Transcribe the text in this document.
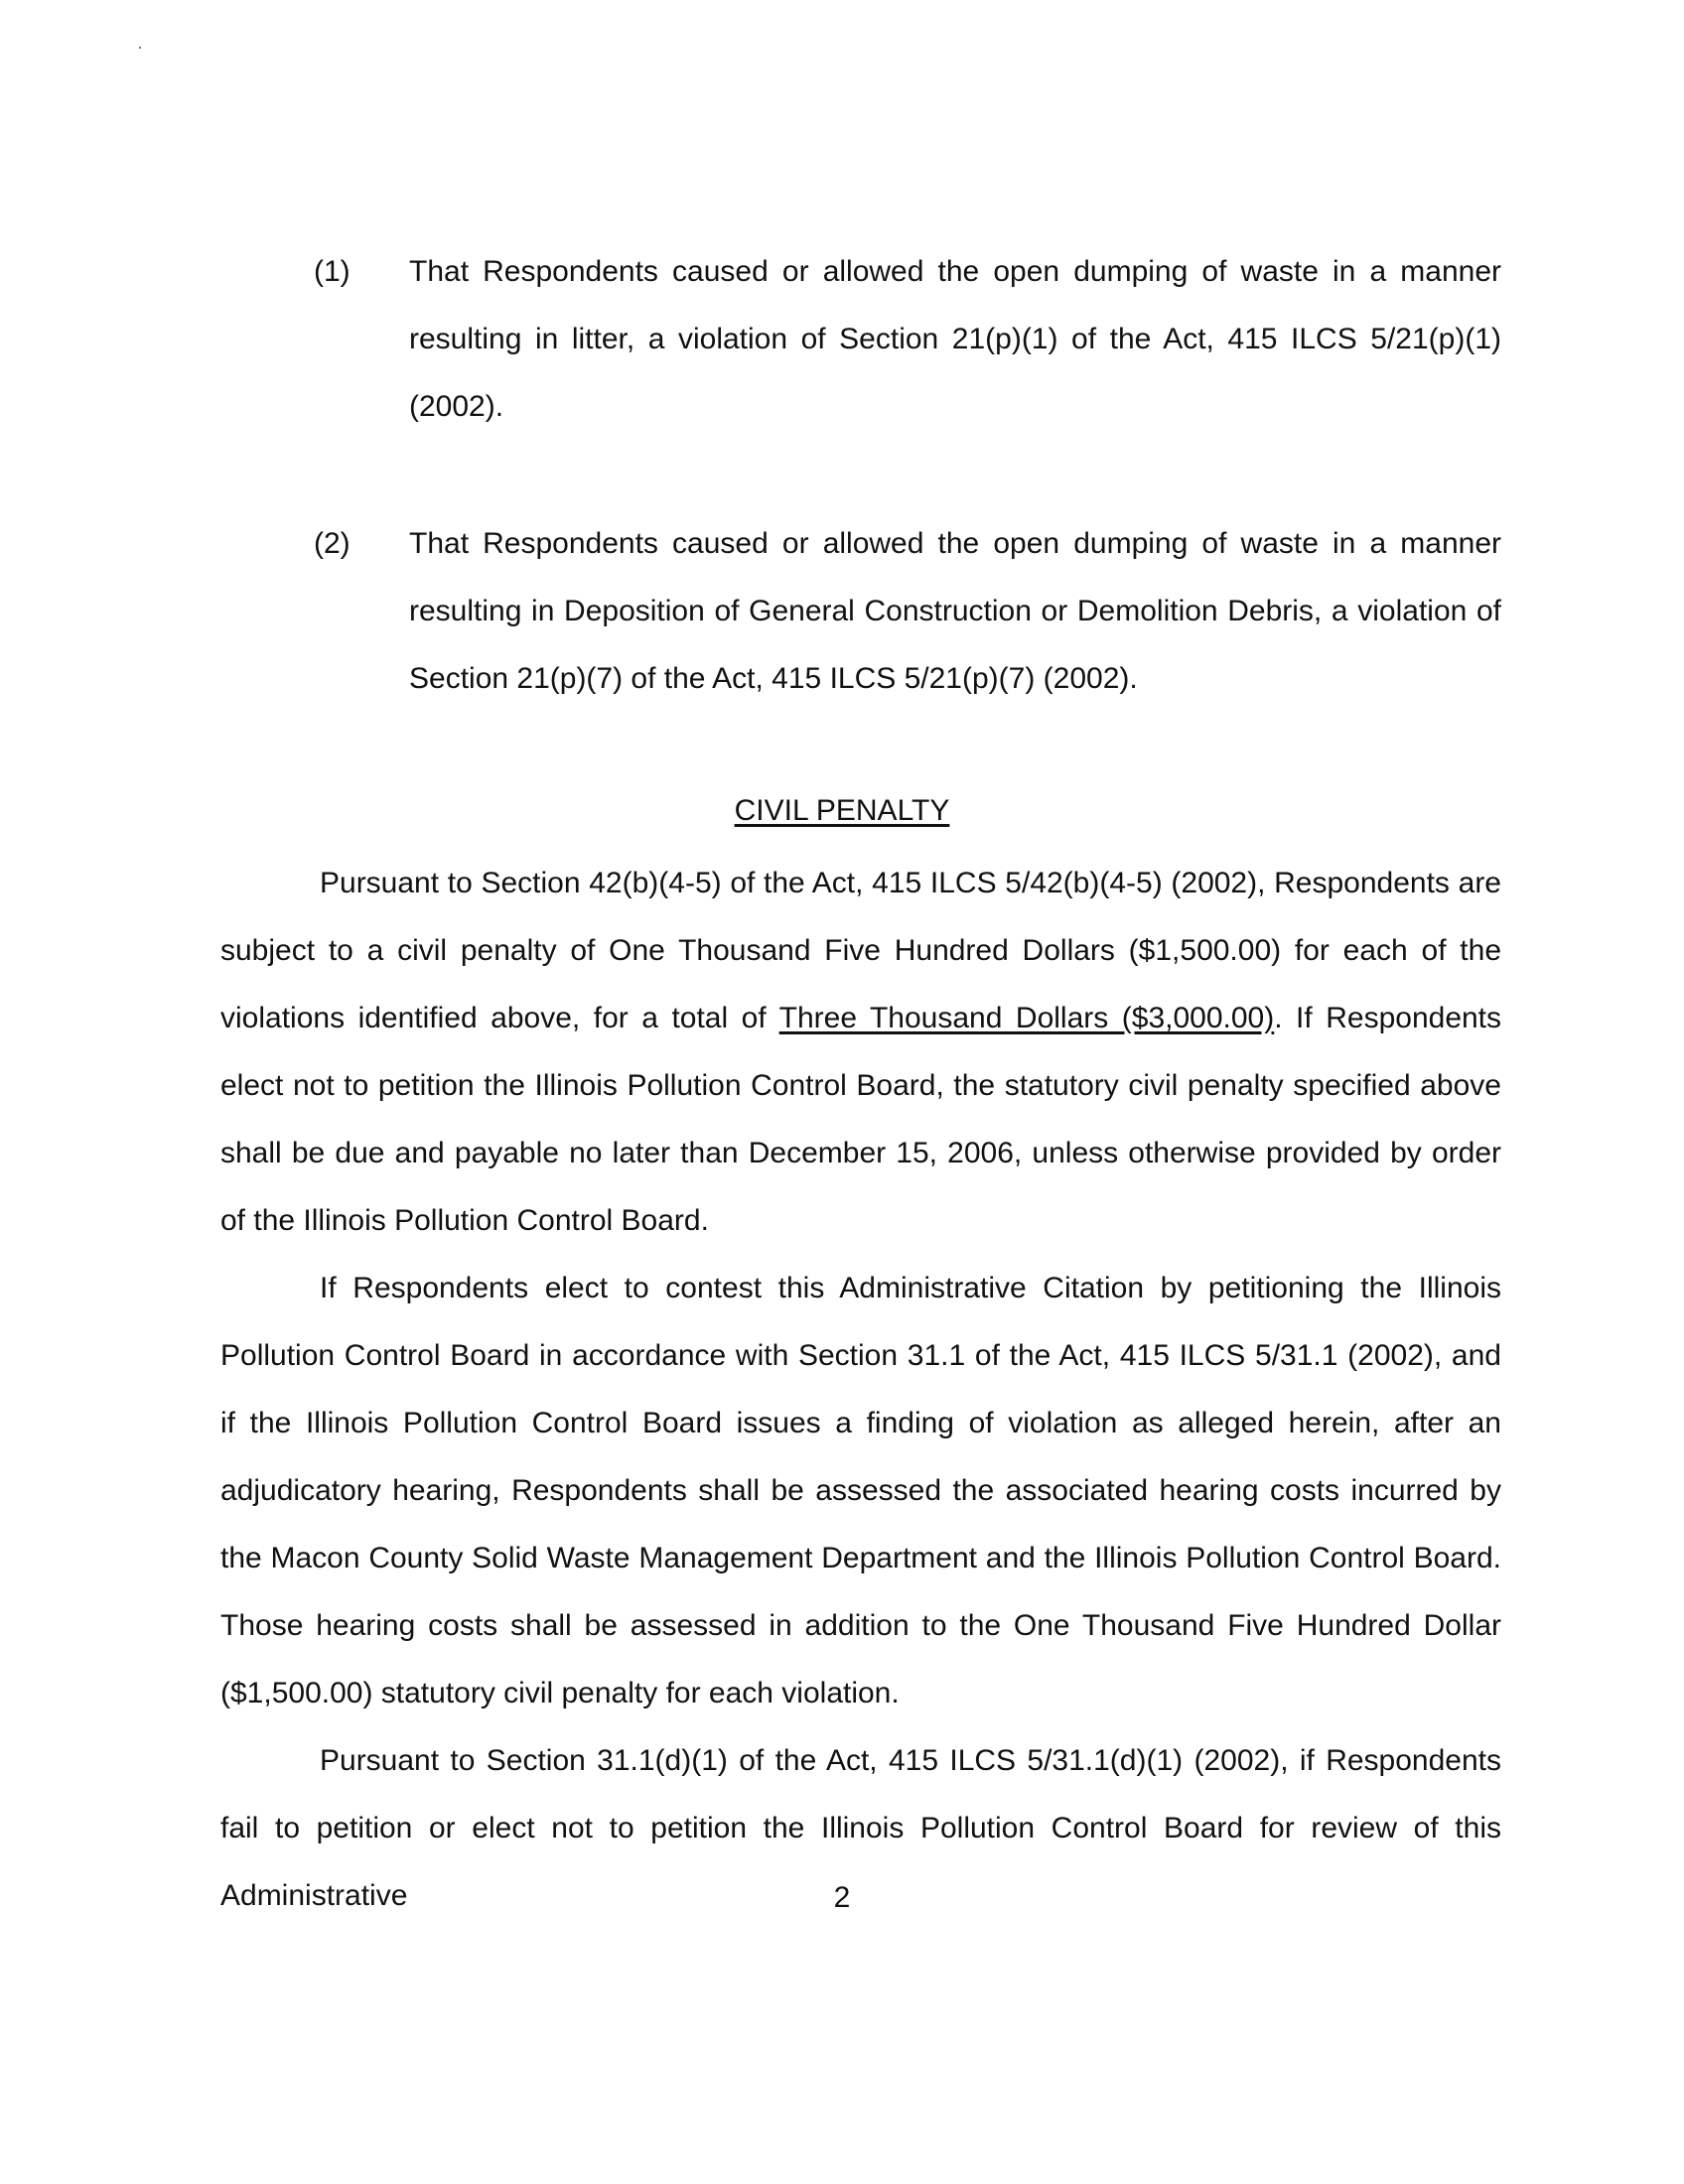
(1) That Respondents caused or allowed the open dumping of waste in a manner resulting in litter, a violation of Section 21(p)(1) of the Act, 415 ILCS 5/21(p)(1) (2002).
(2) That Respondents caused or allowed the open dumping of waste in a manner resulting in Deposition of General Construction or Demolition Debris, a violation of Section 21(p)(7) of the Act, 415 ILCS 5/21(p)(7) (2002).
CIVIL PENALTY

Pursuant to Section 42(b)(4-5) of the Act, 415 ILCS 5/42(b)(4-5) (2002), Respondents are subject to a civil penalty of One Thousand Five Hundred Dollars ($1,500.00) for each of the violations identified above, for a total of Three Thousand Dollars ($3,000.00). If Respondents elect not to petition the Illinois Pollution Control Board, the statutory civil penalty specified above shall be due and payable no later than December 15, 2006, unless otherwise provided by order of the Illinois Pollution Control Board.

If Respondents elect to contest this Administrative Citation by petitioning the Illinois Pollution Control Board in accordance with Section 31.1 of the Act, 415 ILCS 5/31.1 (2002), and if the Illinois Pollution Control Board issues a finding of violation as alleged herein, after an adjudicatory hearing, Respondents shall be assessed the associated hearing costs incurred by the Macon County Solid Waste Management Department and the Illinois Pollution Control Board. Those hearing costs shall be assessed in addition to the One Thousand Five Hundred Dollar ($1,500.00) statutory civil penalty for each violation.

Pursuant to Section 31.1(d)(1) of the Act, 415 ILCS 5/31.1(d)(1) (2002), if Respondents fail to petition or elect not to petition the Illinois Pollution Control Board for review of this Administrative	2
